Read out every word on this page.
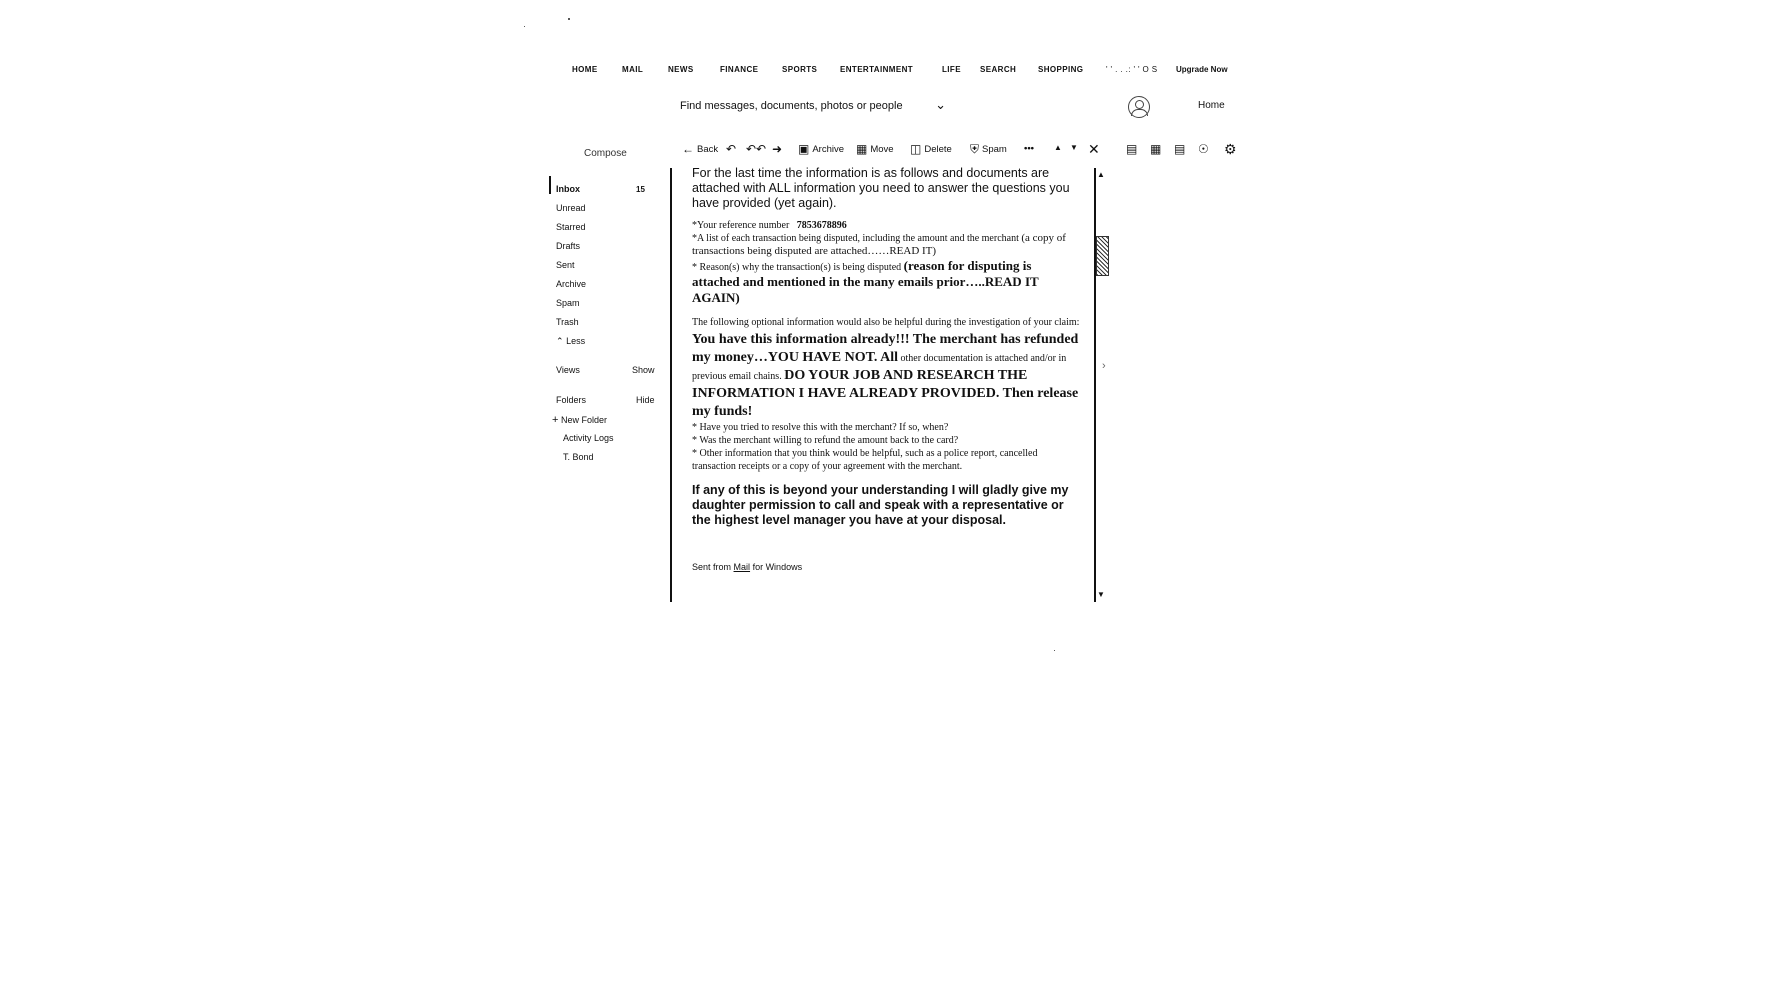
HOME	MAIL	NEWS	FINANCE	SPORTS	ENTERTAINMENT	LIFE SEARCH	SHOPPING	' ' . . .: ' ' O S Upgrade Now
Find messages, documents, photos or people	⌄	Home
Compose
Inbox	15
Unread
Starred
Drafts
Sent
Archive
Spam
Trash
⌃ Less
Views	Show
Folders	Hide
+ New Folder
Activity Logs
T. Bond
← Back ↶ ↶↶ ➜ ▣ Archive ▦ Move ◫ Delete ⛨ Spam •••	▲ ▼ ✕ ▤ ▦ ▤ ☉ ⚙
▲
▼
›
For the last time the information is as follows and documents are attached with ALL information you need to answer the questions you have provided (yet again).
*Your reference number 7853678896
*A list of each transaction being disputed, including the amount and the merchant (a copy of transactions being disputed are attached……READ IT)
* Reason(s) why the transaction(s) is being disputed (reason for disputing is attached and mentioned in the many emails prior…..READ IT AGAIN)
The following optional information would also be helpful during the investigation of your claim: You have this information already!!! The merchant has refunded my money…YOU HAVE NOT. All other documentation is attached and/or in previous email chains. DO YOUR JOB AND RESEARCH THE INFORMATION I HAVE ALREADY PROVIDED. Then release my funds!
* Have you tried to resolve this with the merchant? If so, when?
* Was the merchant willing to refund the amount back to the card?
* Other information that you think would be helpful, such as a police report, cancelled transaction receipts or a copy of your agreement with the merchant.
If any of this is beyond your understanding I will gladly give my daughter permission to call and speak with a representative or the highest level manager you have at your disposal.
Sent from Mail for Windows
